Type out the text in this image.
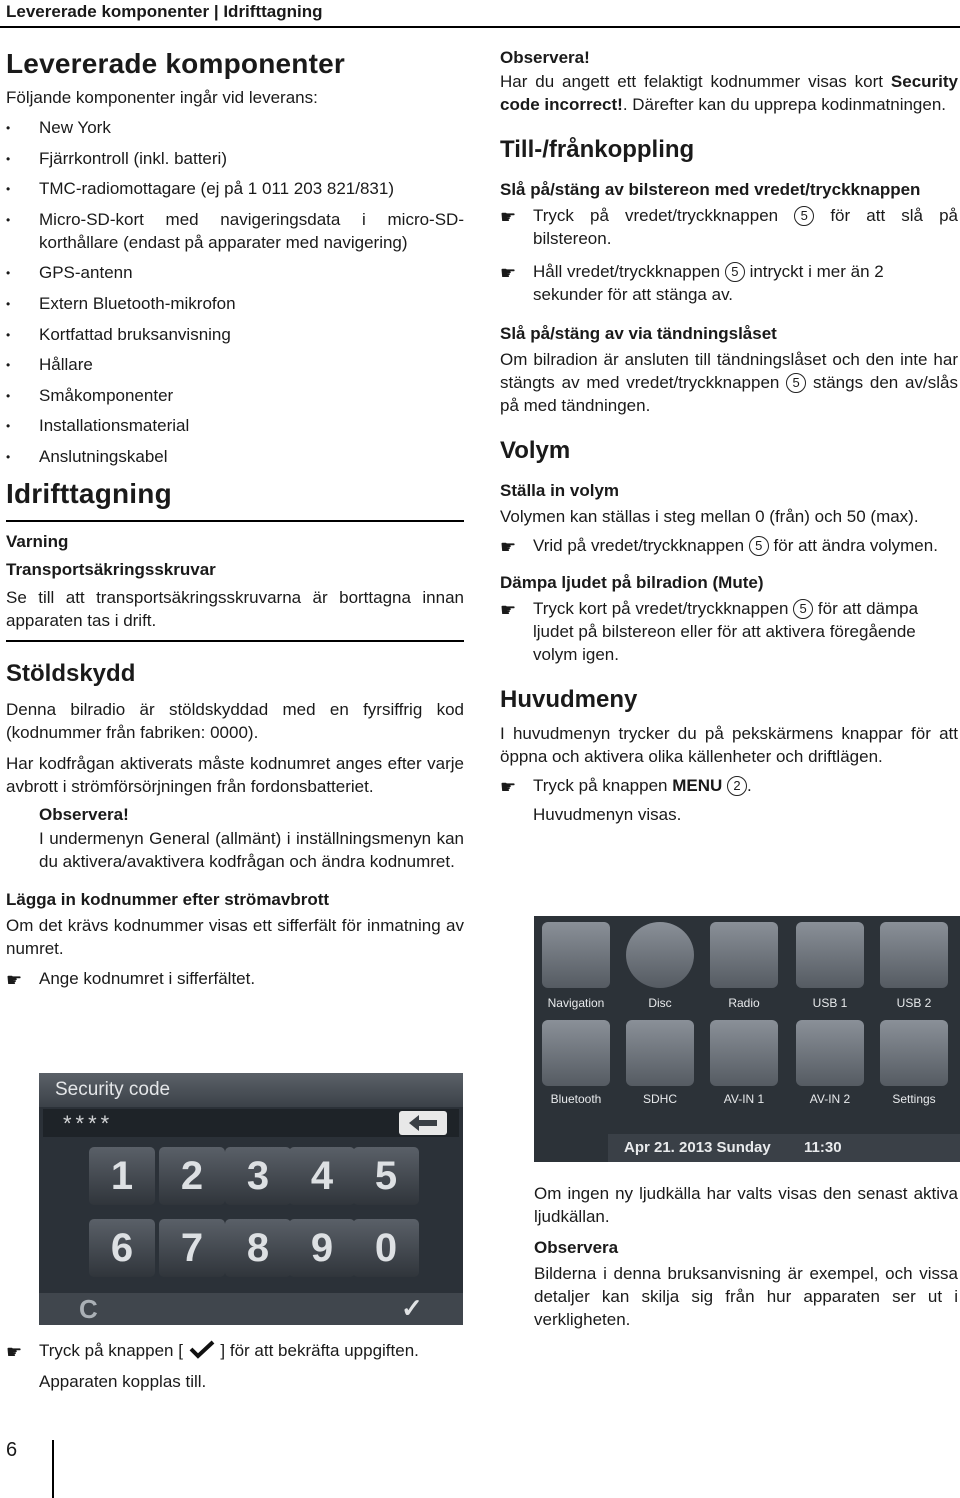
Levererade komponenter | Idrifttagning
Levererade komponenter

Följande komponenter ingår vid leverans:

• New York
• Fjärrkontroll (inkl. batteri)
• TMC-radiomottagare (ej på 1 011 203 821/831)
• Micro-SD-kort med navigeringsdata i micro-SD-korthållare (endast på apparater med navigering)
• GPS-antenn
• Extern Bluetooth-mikrofon
• Kortfattad bruksanvisning
• Hållare
• Småkomponenter
• Installationsmaterial
• Anslutningskabel
Idrifttagning
Varning
Transportsäkringsskruvar

Se till att transportsäkringsskruvarna är borttagna innan apparaten tas i drift.

Stöldskydd

Denna bilradio är stöldskyddad med en fyrsiffrig kod (kodnummer från fabriken: 0000).

Har kodfrågan aktiverats måste kodnumret anges efter varje avbrott i strömförsörjningen från fordonsbatteriet.

Observera!

I undermenyn General (allmänt) i inställningsmenyn kan du aktivera/avaktivera kodfrågan och ändra kodnumret.

Lägga in kodnummer efter strömavbrott

Om det krävs kodnummer visas ett sifferfält för inmatning av numret.

☛ Ange kodnumret i sifferfältet.
Security code
****
1	2	3	4	5
6	7	8	9	0
C	✓
☛ Tryck på knappen [ ] för att bekräfta uppgiften.

Apparaten kopplas till.

Observera!

Har du angett ett felaktigt kodnummer visas kort Security code incorrect!. Därefter kan du upprepa kodinmatningen.

Till-/frånkoppling
Slå på/stäng av bilstereon med vredet/tryckknappen
☛ Tryck på vredet/tryckknappen 5 för att slå på bilstereon.
☛ Håll vredet/tryckknappen 5 intryckt i mer än 2 sekunder för att stänga av.
Slå på/stäng av via tändningslåset

Om bilradion är ansluten till tändningslåset och den inte har stängts av med vredet/tryckknappen 5 stängs den av/slås på med tändningen.

Volym
Ställa in volym

Volymen kan ställas i steg mellan 0 (från) och 50 (max).

☛ Vrid på vredet/tryckknappen 5 för att ändra volymen.
Dämpa ljudet på bilradion (Mute)
☛ Tryck kort på vredet/tryckknappen 5 för att dämpa ljudet på bilstereon eller för att aktivera föregående volym igen.
Huvudmeny

I huvudmenyn trycker du på pekskärmens knappar för att öppna och aktivera olika källenheter och driftlägen.

☛ Tryck på knappen MENU 2 .

Huvudmenyn visas.

Navigation	Disc	Radio	USB 1	USB 2
Bluetooth	SDHC	AV-IN 1	AV-IN 2	Settings
Apr 21. 2013 Sunday 11:30

Om ingen ny ljudkälla har valts visas den senast aktiva ljudkällan.

Observera

Bilderna i denna bruksanvisning är exempel, och vissa detaljer kan skilja sig från hur apparaten ser ut i verkligheten.

6
